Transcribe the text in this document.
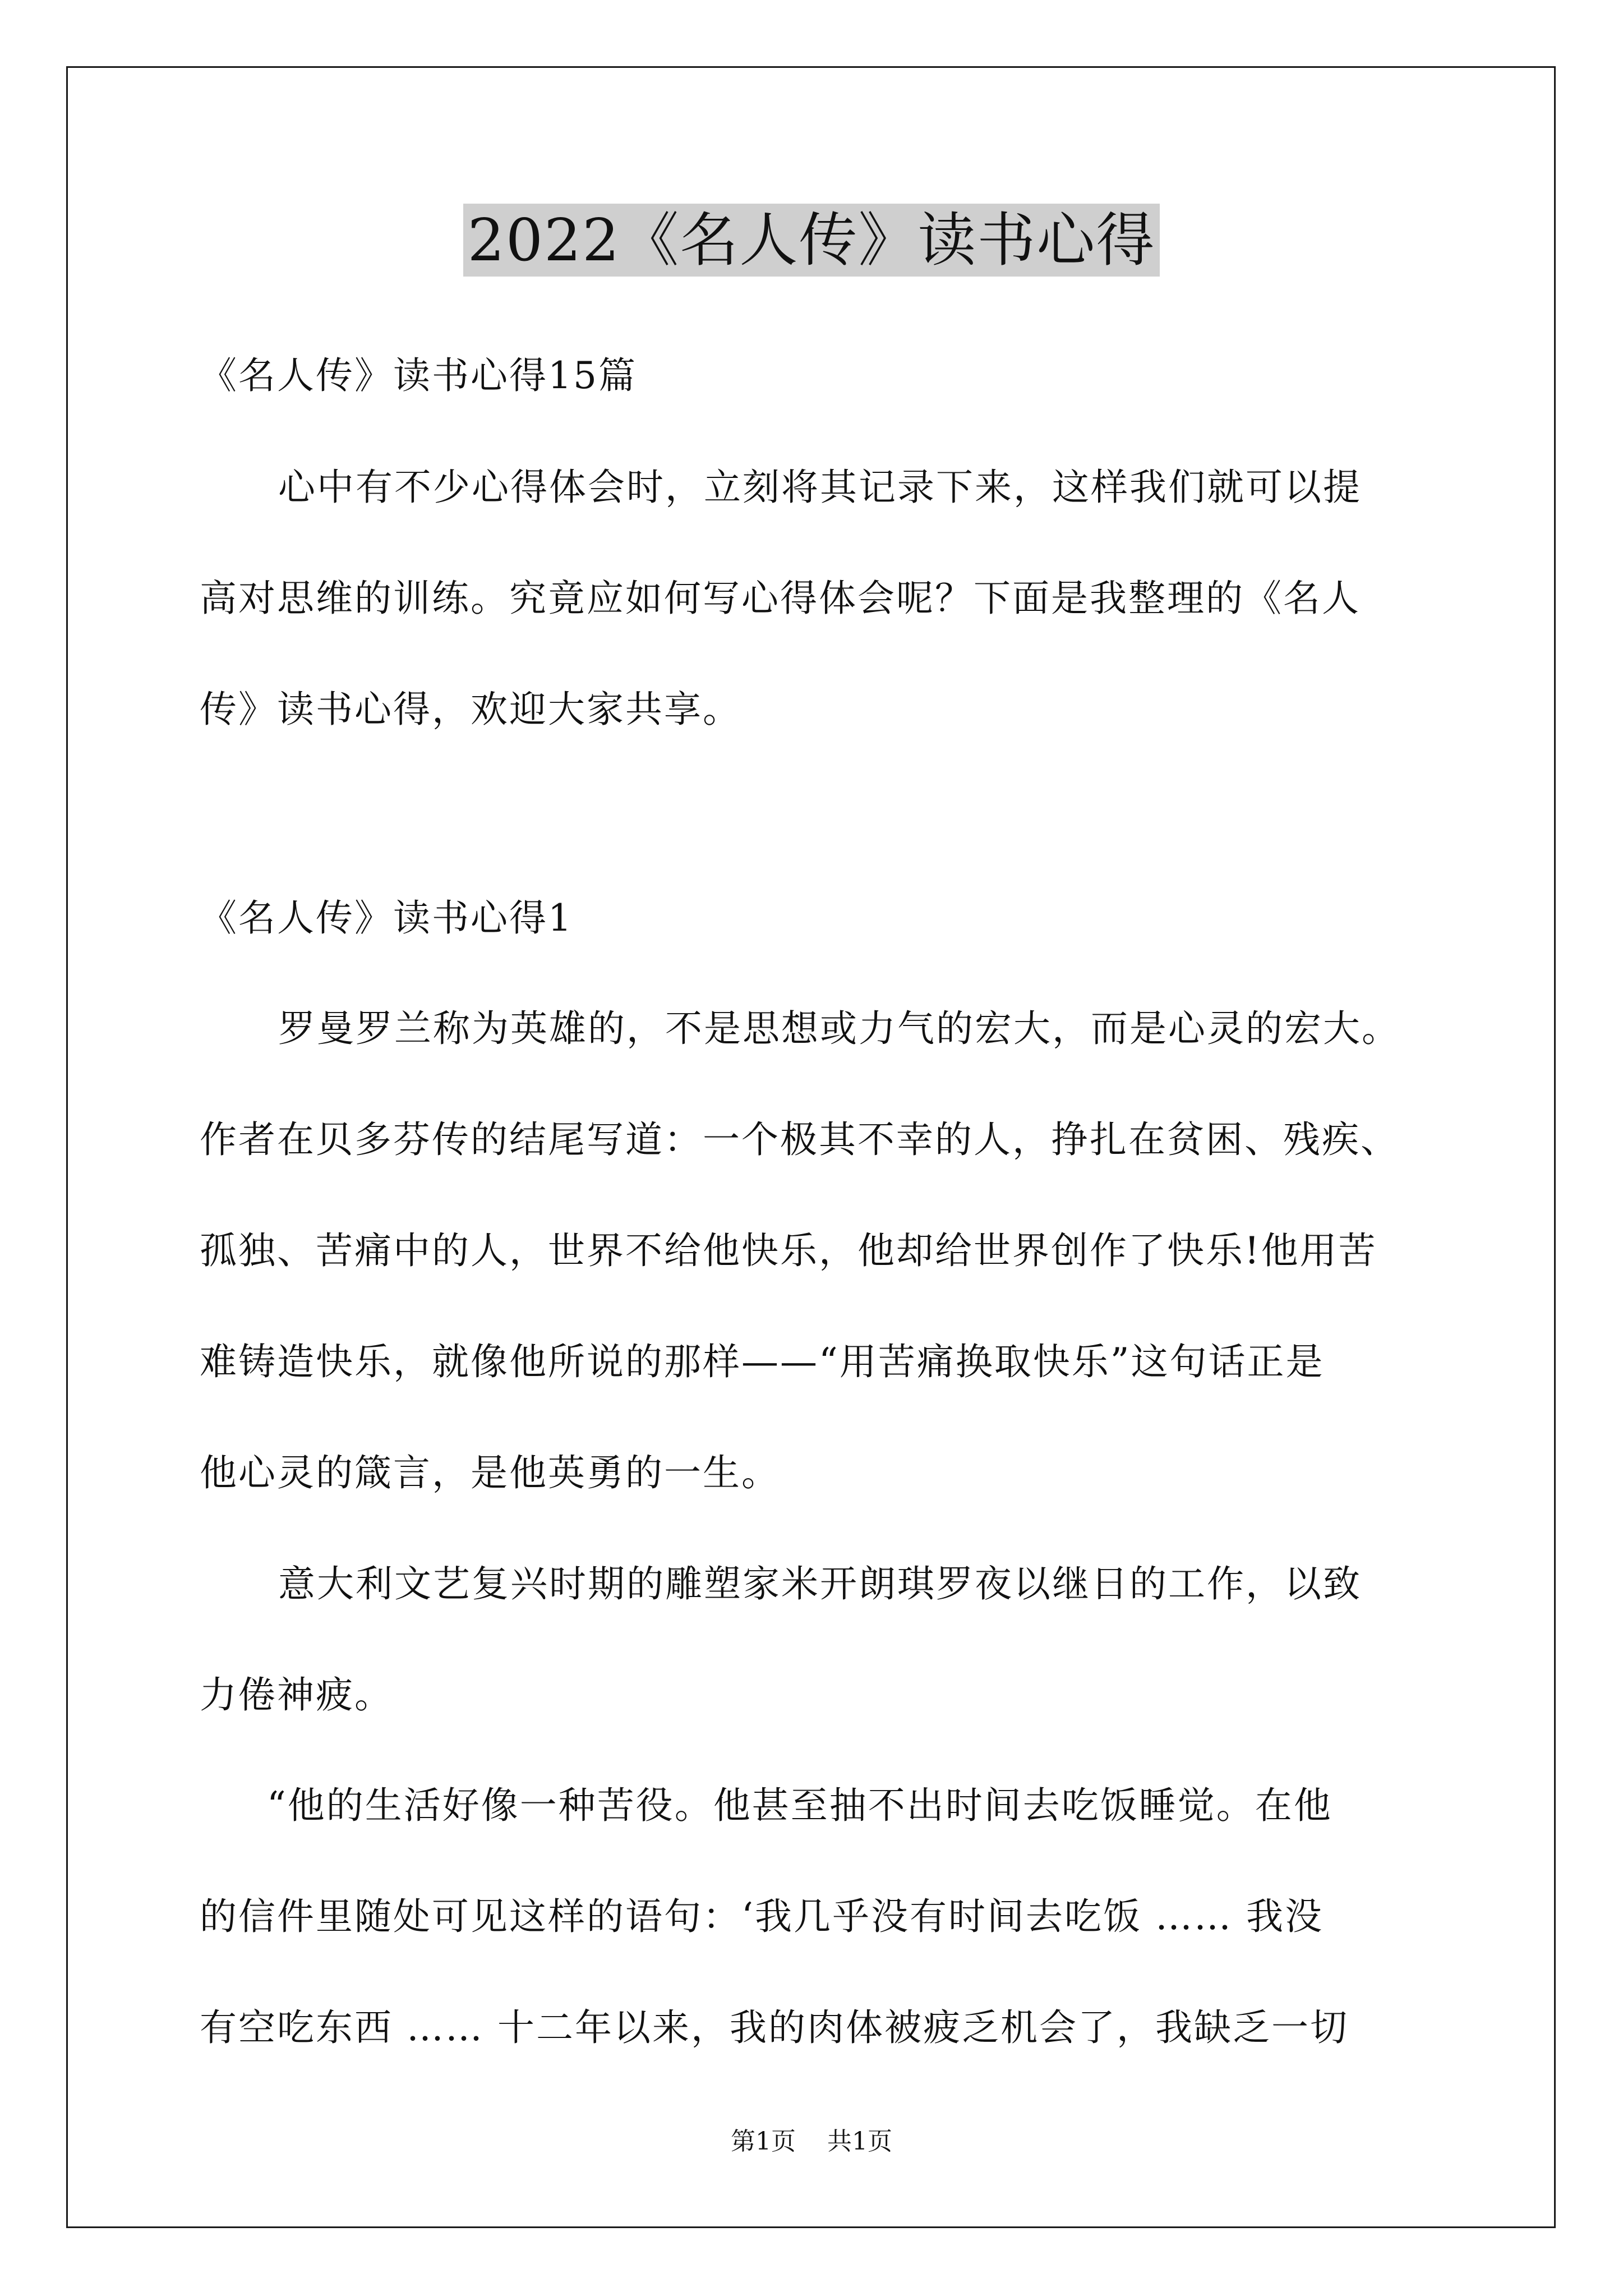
2022《名人传》读书心得

《名人传》读书心得15篇

心中有不少心得体会时，立刻将其记录下来，这样我们就可以提
高对思维的训练。究竟应如何写心得体会呢？下面是我整理的《名人
传》读书心得，欢迎大家共享。

《名人传》读书心得1

罗曼罗兰称为英雄的，不是思想或力气的宏大，而是心灵的宏大。
作者在贝多芬传的结尾写道：一个极其不幸的人，挣扎在贫困、残疾、
孤独、苦痛中的人，世界不给他快乐，他却给世界创作了快乐!他用苦
难铸造快乐，就像他所说的那样——“用苦痛换取快乐”这句话正是
他心灵的箴言，是他英勇的一生。
意大利文艺复兴时期的雕塑家米开朗琪罗夜以继日的工作，以致
力倦神疲。
“他的生活好像一种苦役。他甚至抽不出时间去吃饭睡觉。在他
的信件里随处可见这样的语句：‘我几乎没有时间去吃饭 …… 我没
有空吃东西 …… 十二年以来，我的肉体被疲乏机会了，我缺乏一切
第1页 共1页
